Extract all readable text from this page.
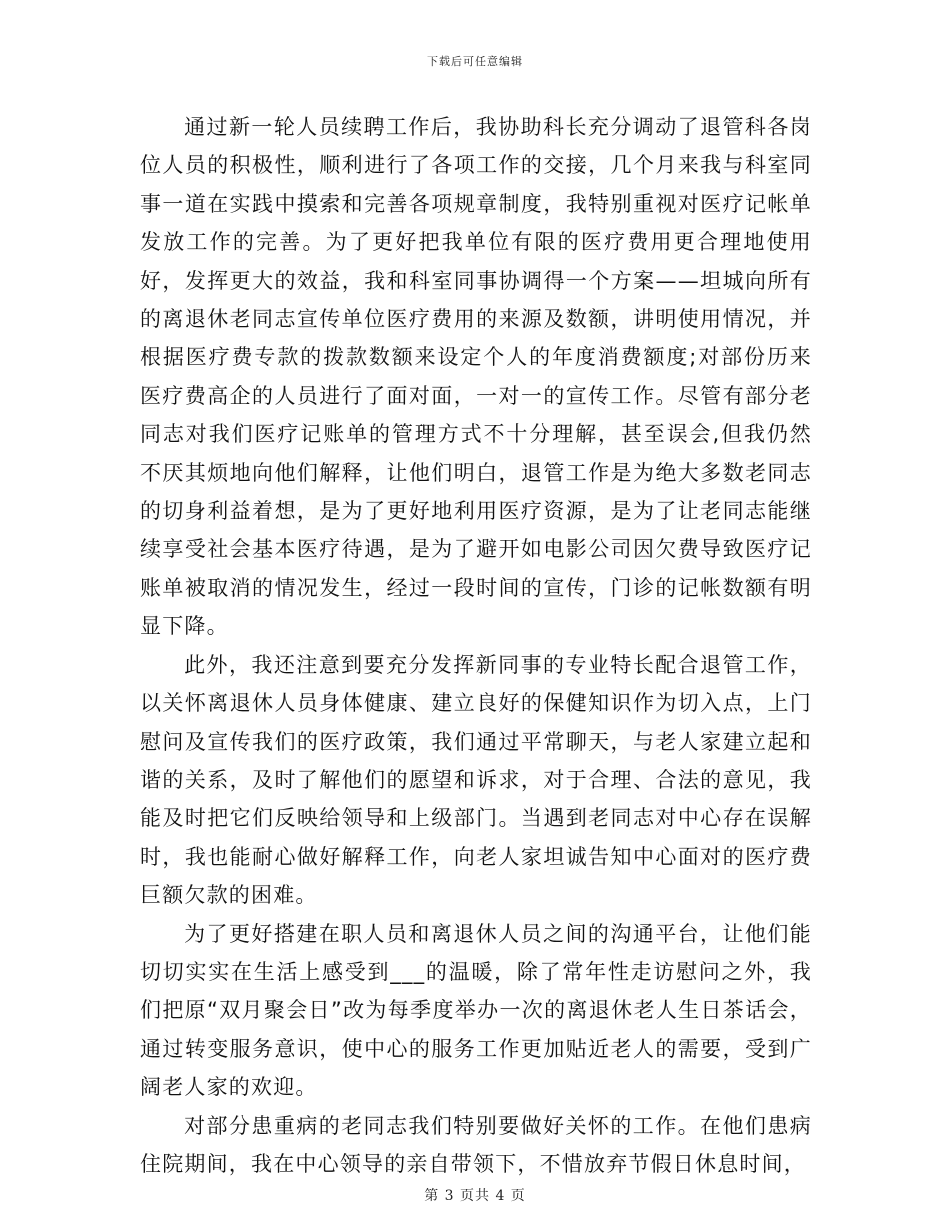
下载后可任意编辑

通过新一轮人员续聘工作后，我协助科长充分调动了退管科各岗位人员的积极性，顺利进行了各项工作的交接，几个月来我与科室同事一道在实践中摸索和完善各项规章制度，我特别重视对医疗记帐单发放工作的完善。为了更好把我单位有限的医疗费用更合理地使用好，发挥更大的效益，我和科室同事协调得一个方案——坦城向所有的离退休老同志宣传单位医疗费用的来源及数额，讲明使用情况，并根据医疗费专款的拨款数额来设定个人的年度消费额度;对部份历来医疗费高企的人员进行了面对面，一对一的宣传工作。尽管有部分老同志对我们医疗记账单的管理方式不十分理解，甚至误会,但我仍然不厌其烦地向他们解释，让他们明白，退管工作是为绝大多数老同志的切身利益着想，是为了更好地利用医疗资源，是为了让老同志能继续享受社会基本医疗待遇，是为了避开如电影公司因欠费导致医疗记账单被取消的情况发生，经过一段时间的宣传，门诊的记帐数额有明显下降。

此外，我还注意到要充分发挥新同事的专业特长配合退管工作，以关怀离退休人员身体健康、建立良好的保健知识作为切入点，上门慰问及宣传我们的医疗政策，我们通过平常聊天，与老人家建立起和谐的关系，及时了解他们的愿望和诉求，对于合理、合法的意见，我能及时把它们反映给领导和上级部门。当遇到老同志对中心存在误解时，我也能耐心做好解释工作，向老人家坦诚告知中心面对的医疗费巨额欠款的困难。

为了更好搭建在职人员和离退休人员之间的沟通平台，让他们能切切实实在生活上感受到___的温暖，除了常年性走访慰问之外，我们把原“双月聚会日”改为每季度举办一次的离退休老人生日茶话会，通过转变服务意识，使中心的服务工作更加贴近老人的需要，受到广阔老人家的欢迎。

对部分患重病的老同志我们特别要做好关怀的工作。在他们患病住院期间，我在中心领导的亲自带领下，不惜放弃节假日休息时间，

第 3 页共 4 页
